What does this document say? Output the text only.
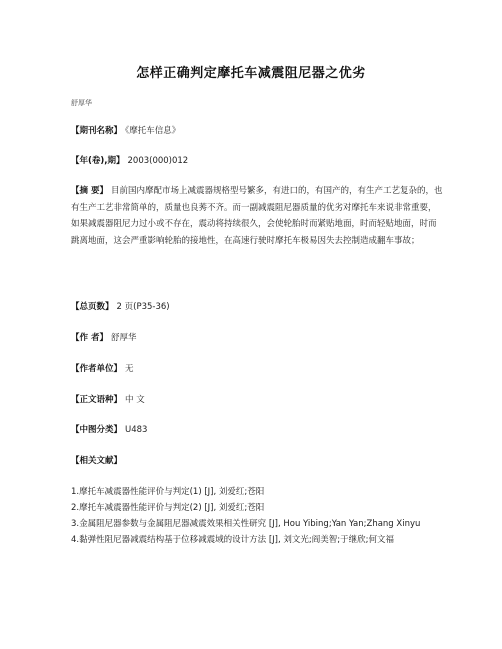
怎样正确判定摩托车减震阻尼器之优劣
舒厚华
【期刊名称】 《摩托车信息》
【年(卷),期】 2003(000)012
【摘 要】 目前国内摩配市场上减震器规格型号繁多，有进口的，有国产的，有生产工艺复杂的，也有生产工艺非常简单的，质量也良莠不齐。而一副减震阻尼器质量的优劣对摩托车来说非常重要，如果减震器阻尼力过小或不存在，震动将持续很久，会使轮胎时而紧贴地面，时而轻贴地面，时而跳离地面，这会严重影响轮胎的接地性，在高速行驶时摩托车极易因失去控制造成翻车事故；
【总页数】 2 页(P35-36)
【作 者】 舒厚华
【作者单位】 无
【正文语种】 中 文
【中图分类】 U483
【相关文献】

1.摩托车减震器性能评价与判定(1) [J], 刘爱红;苍阳

2.摩托车减震器性能评价与判定(2) [J], 刘爱红;苍阳

3.金属阻尼器参数与金属阻尼器减震效果相关性研究 [J], Hou Yibing;Yan Yan;Zhang Xinyu

4.黏弹性阻尼器减震结构基于位移减震域的设计方法 [J], 刘文光;阎美智;于继欣;何文福
